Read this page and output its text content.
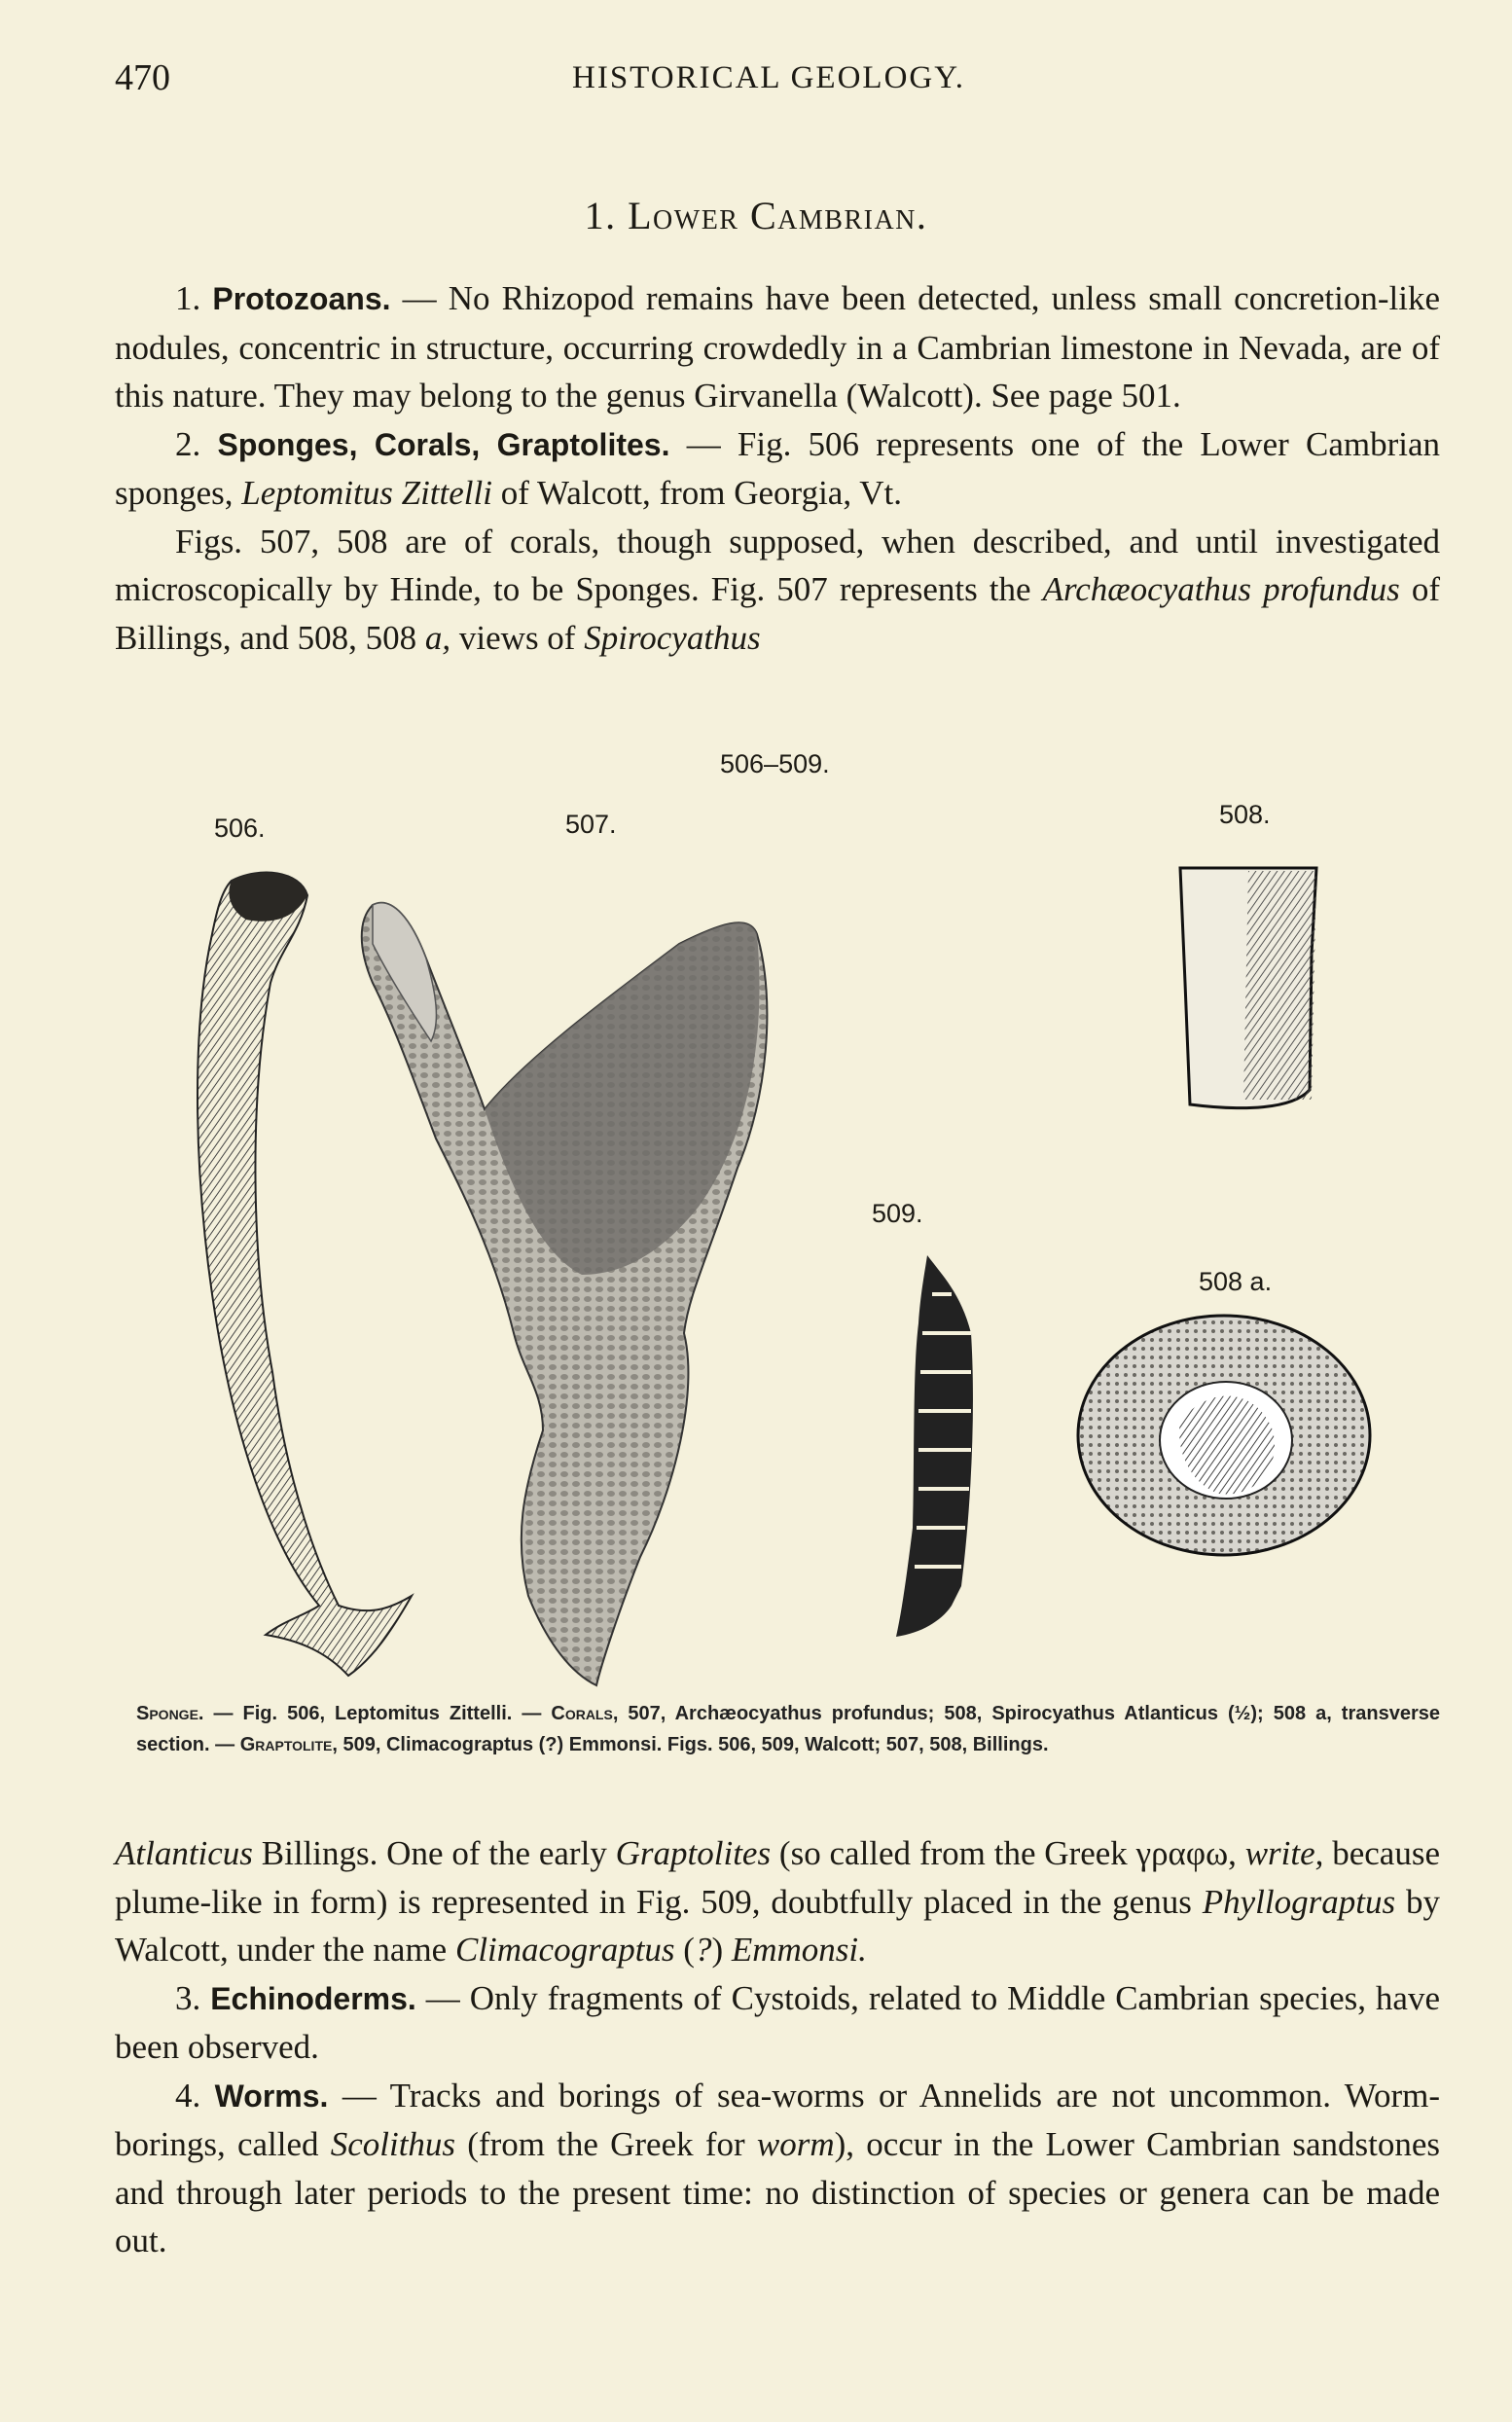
470	HISTORICAL GEOLOGY.
1. Lower Cambrian.

1. Protozoans. — No Rhizopod remains have been detected, unless small concretion-like nodules, concentric in structure, occurring crowdedly in a Cambrian limestone in Nevada, are of this nature. They may belong to the genus Girvanella (Walcott). See page 501.

2. Sponges, Corals, Graptolites. — Fig. 506 represents one of the Lower Cambrian sponges, Leptomitus Zittelli of Walcott, from Georgia, Vt.

Figs. 507, 508 are of corals, though supposed, when described, and until investigated microscopically by Hinde, to be Sponges. Fig. 507 represents the Archæocyathus profundus of Billings, and 508, 508 a, views of Spirocyathus

506–509.
506.	507.	508.
509.
508 a.
Sponge. — Fig. 506, Leptomitus Zittelli. — Corals, 507, Archæocyathus profundus; 508, Spirocyathus Atlanticus (½); 508 a, transverse section. — Graptolite, 509, Climacograptus (?) Emmonsi. Figs. 506, 509, Walcott; 507, 508, Billings.

Atlanticus Billings. One of the early Graptolites (so called from the Greek γραφω, write, because plume-like in form) is represented in Fig. 509, doubtfully placed in the genus Phyllograptus by Walcott, under the name Climacograptus (?) Emmonsi.

3. Echinoderms. — Only fragments of Cystoids, related to Middle Cambrian species, have been observed.

4. Worms. — Tracks and borings of sea-worms or Annelids are not uncommon. Worm-borings, called Scolithus (from the Greek for worm), occur in the Lower Cambrian sandstones and through later periods to the present time: no distinction of species or genera can be made out.
